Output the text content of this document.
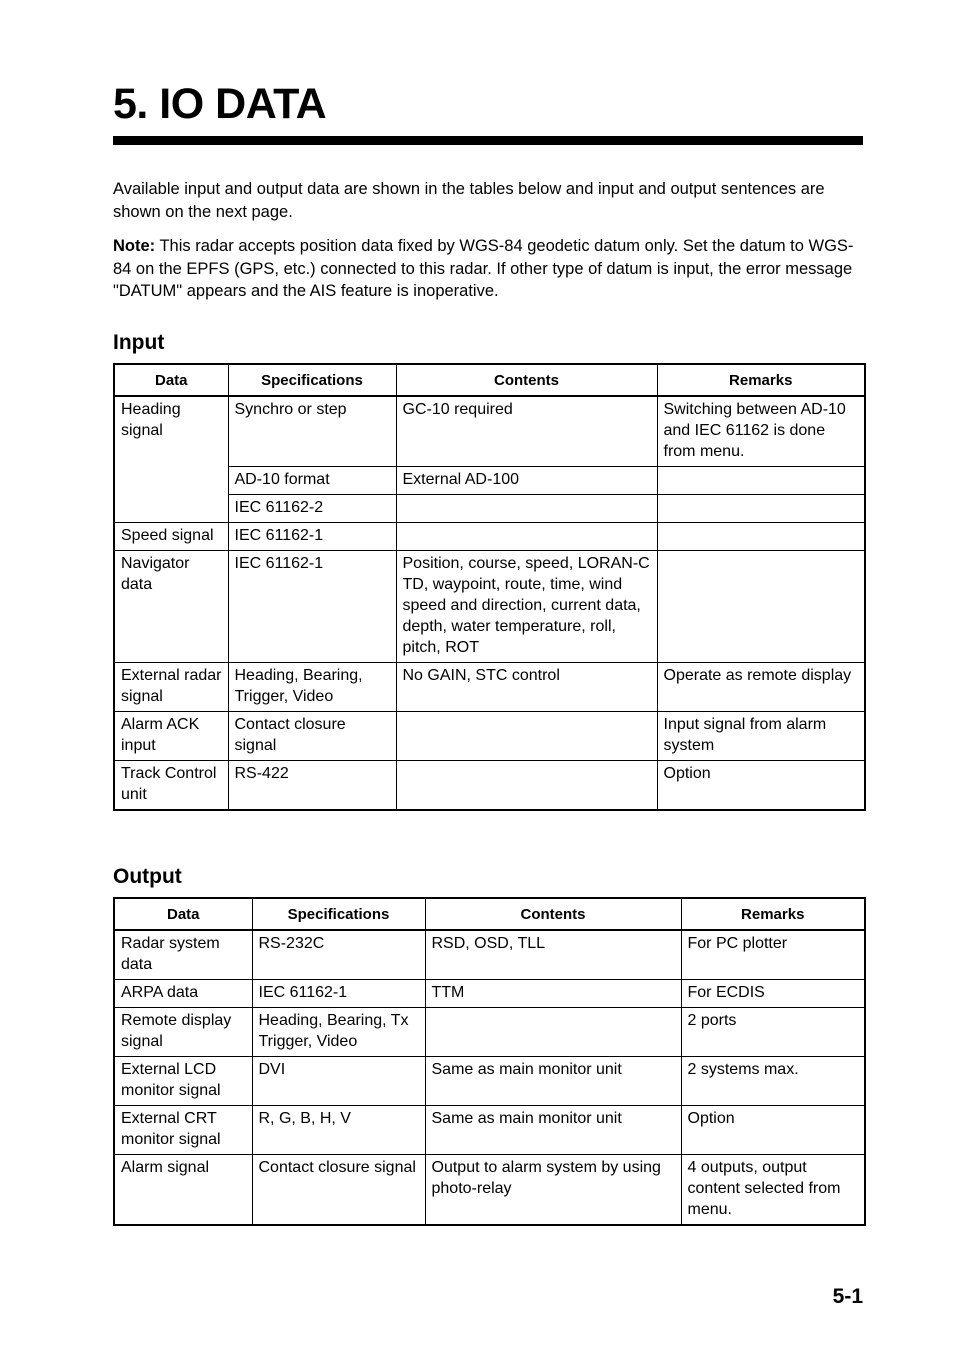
5. IO DATA
Available input and output data are shown in the tables below and input and output sentences are shown on the next page.
Note: This radar accepts position data fixed by WGS-84 geodetic datum only. Set the datum to WGS-84 on the EPFS (GPS, etc.) connected to this radar. If other type of datum is input, the error message "DATUM" appears and the AIS feature is inoperative.
Input
Data	Specifications	Contents	Remarks
Heading signal	Synchro or step	GC-10 required	Switching between AD-10 and IEC 61162 is done from menu.
	AD-10 format	External AD-100	
	IEC 61162-2		
Speed signal	IEC 61162-1		
Navigator data	IEC 61162-1	Position, course, speed, LORAN-C TD, waypoint, route, time, wind speed and direction, current data, depth, water temperature, roll, pitch, ROT	
External radar signal	Heading, Bearing, Trigger, Video	No GAIN, STC control	Operate as remote display
Alarm ACK input	Contact closure signal		Input signal from alarm system
Track Control unit	RS-422		Option
Output
Data	Specifications	Contents	Remarks
Radar system data	RS-232C	RSD, OSD, TLL	For PC plotter
ARPA data	IEC 61162-1	TTM	For ECDIS
Remote display signal	Heading, Bearing, Tx Trigger, Video		2 ports
External LCD monitor signal	DVI	Same as main monitor unit	2 systems max.
External CRT monitor signal	R, G, B, H, V	Same as main monitor unit	Option
Alarm signal	Contact closure signal	Output to alarm system by using photo-relay	4 outputs, output content selected from menu.
5-1
